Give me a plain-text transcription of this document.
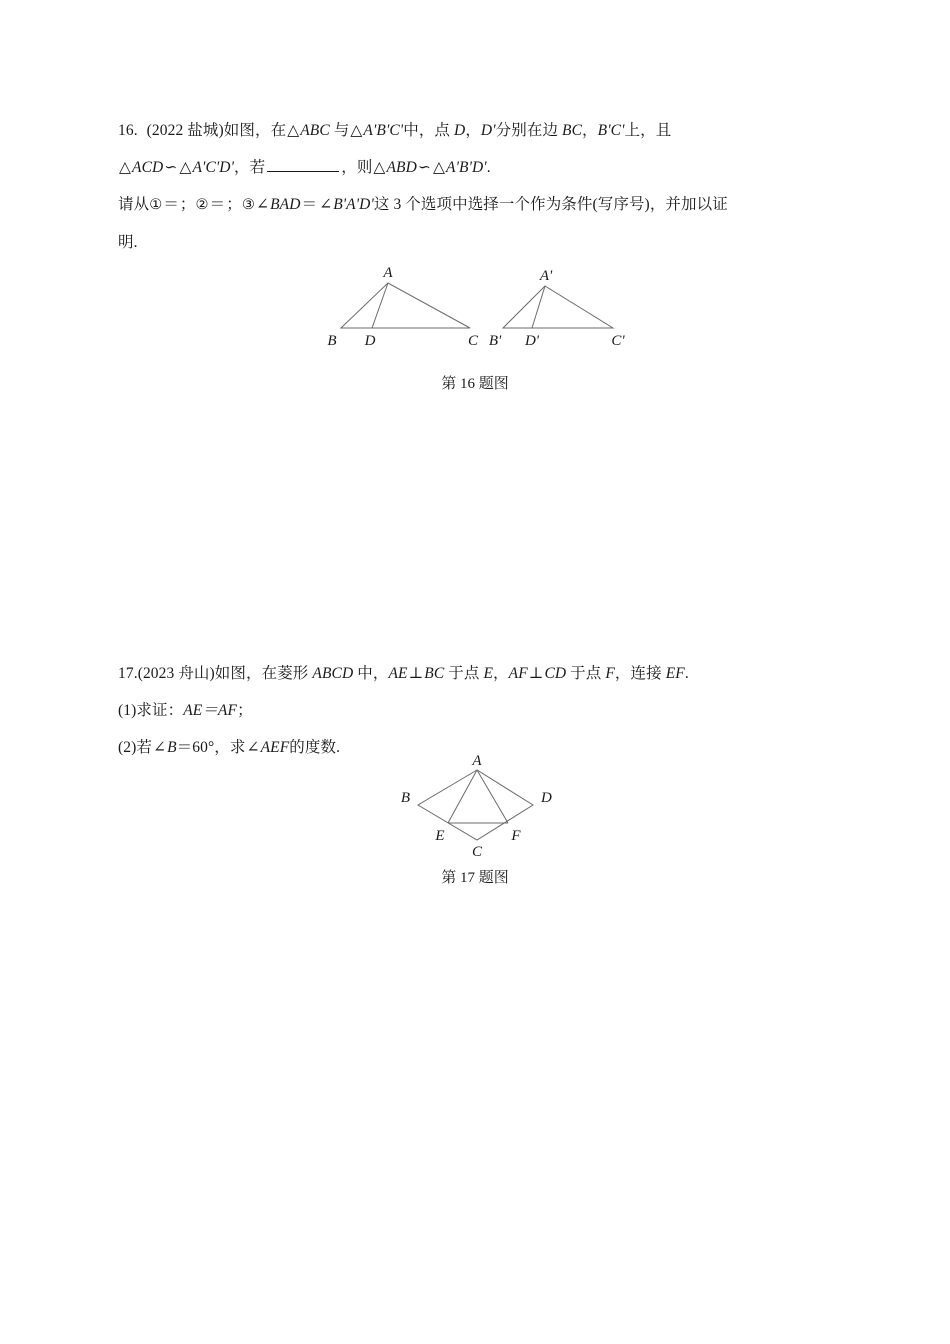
16. (2022 盐城)如图，在△ABC 与△A'B'C'中，点 D，D'分别在边 BC，B'C'上，且
△ACD∽ △A'C'D'，若	，则△ABD∽ △A'B'D'.
请从①＝；②＝；③∠BAD＝ ∠B'A'D'这 3 个选项中选择一个作为条件(写序号)，并加以证
明.
B D	C
A
B' D'	C'
A'
第 16 题图
17.(2023 舟山)如图，在菱形 ABCD 中，AE⊥BC 于点 E，AF⊥CD 于点 F，连接 EF.
(1)求证：AE＝AF；
(2)若∠B＝60°，求∠AEF的度数.
B	D
A
C
E	F
第 17 题图
